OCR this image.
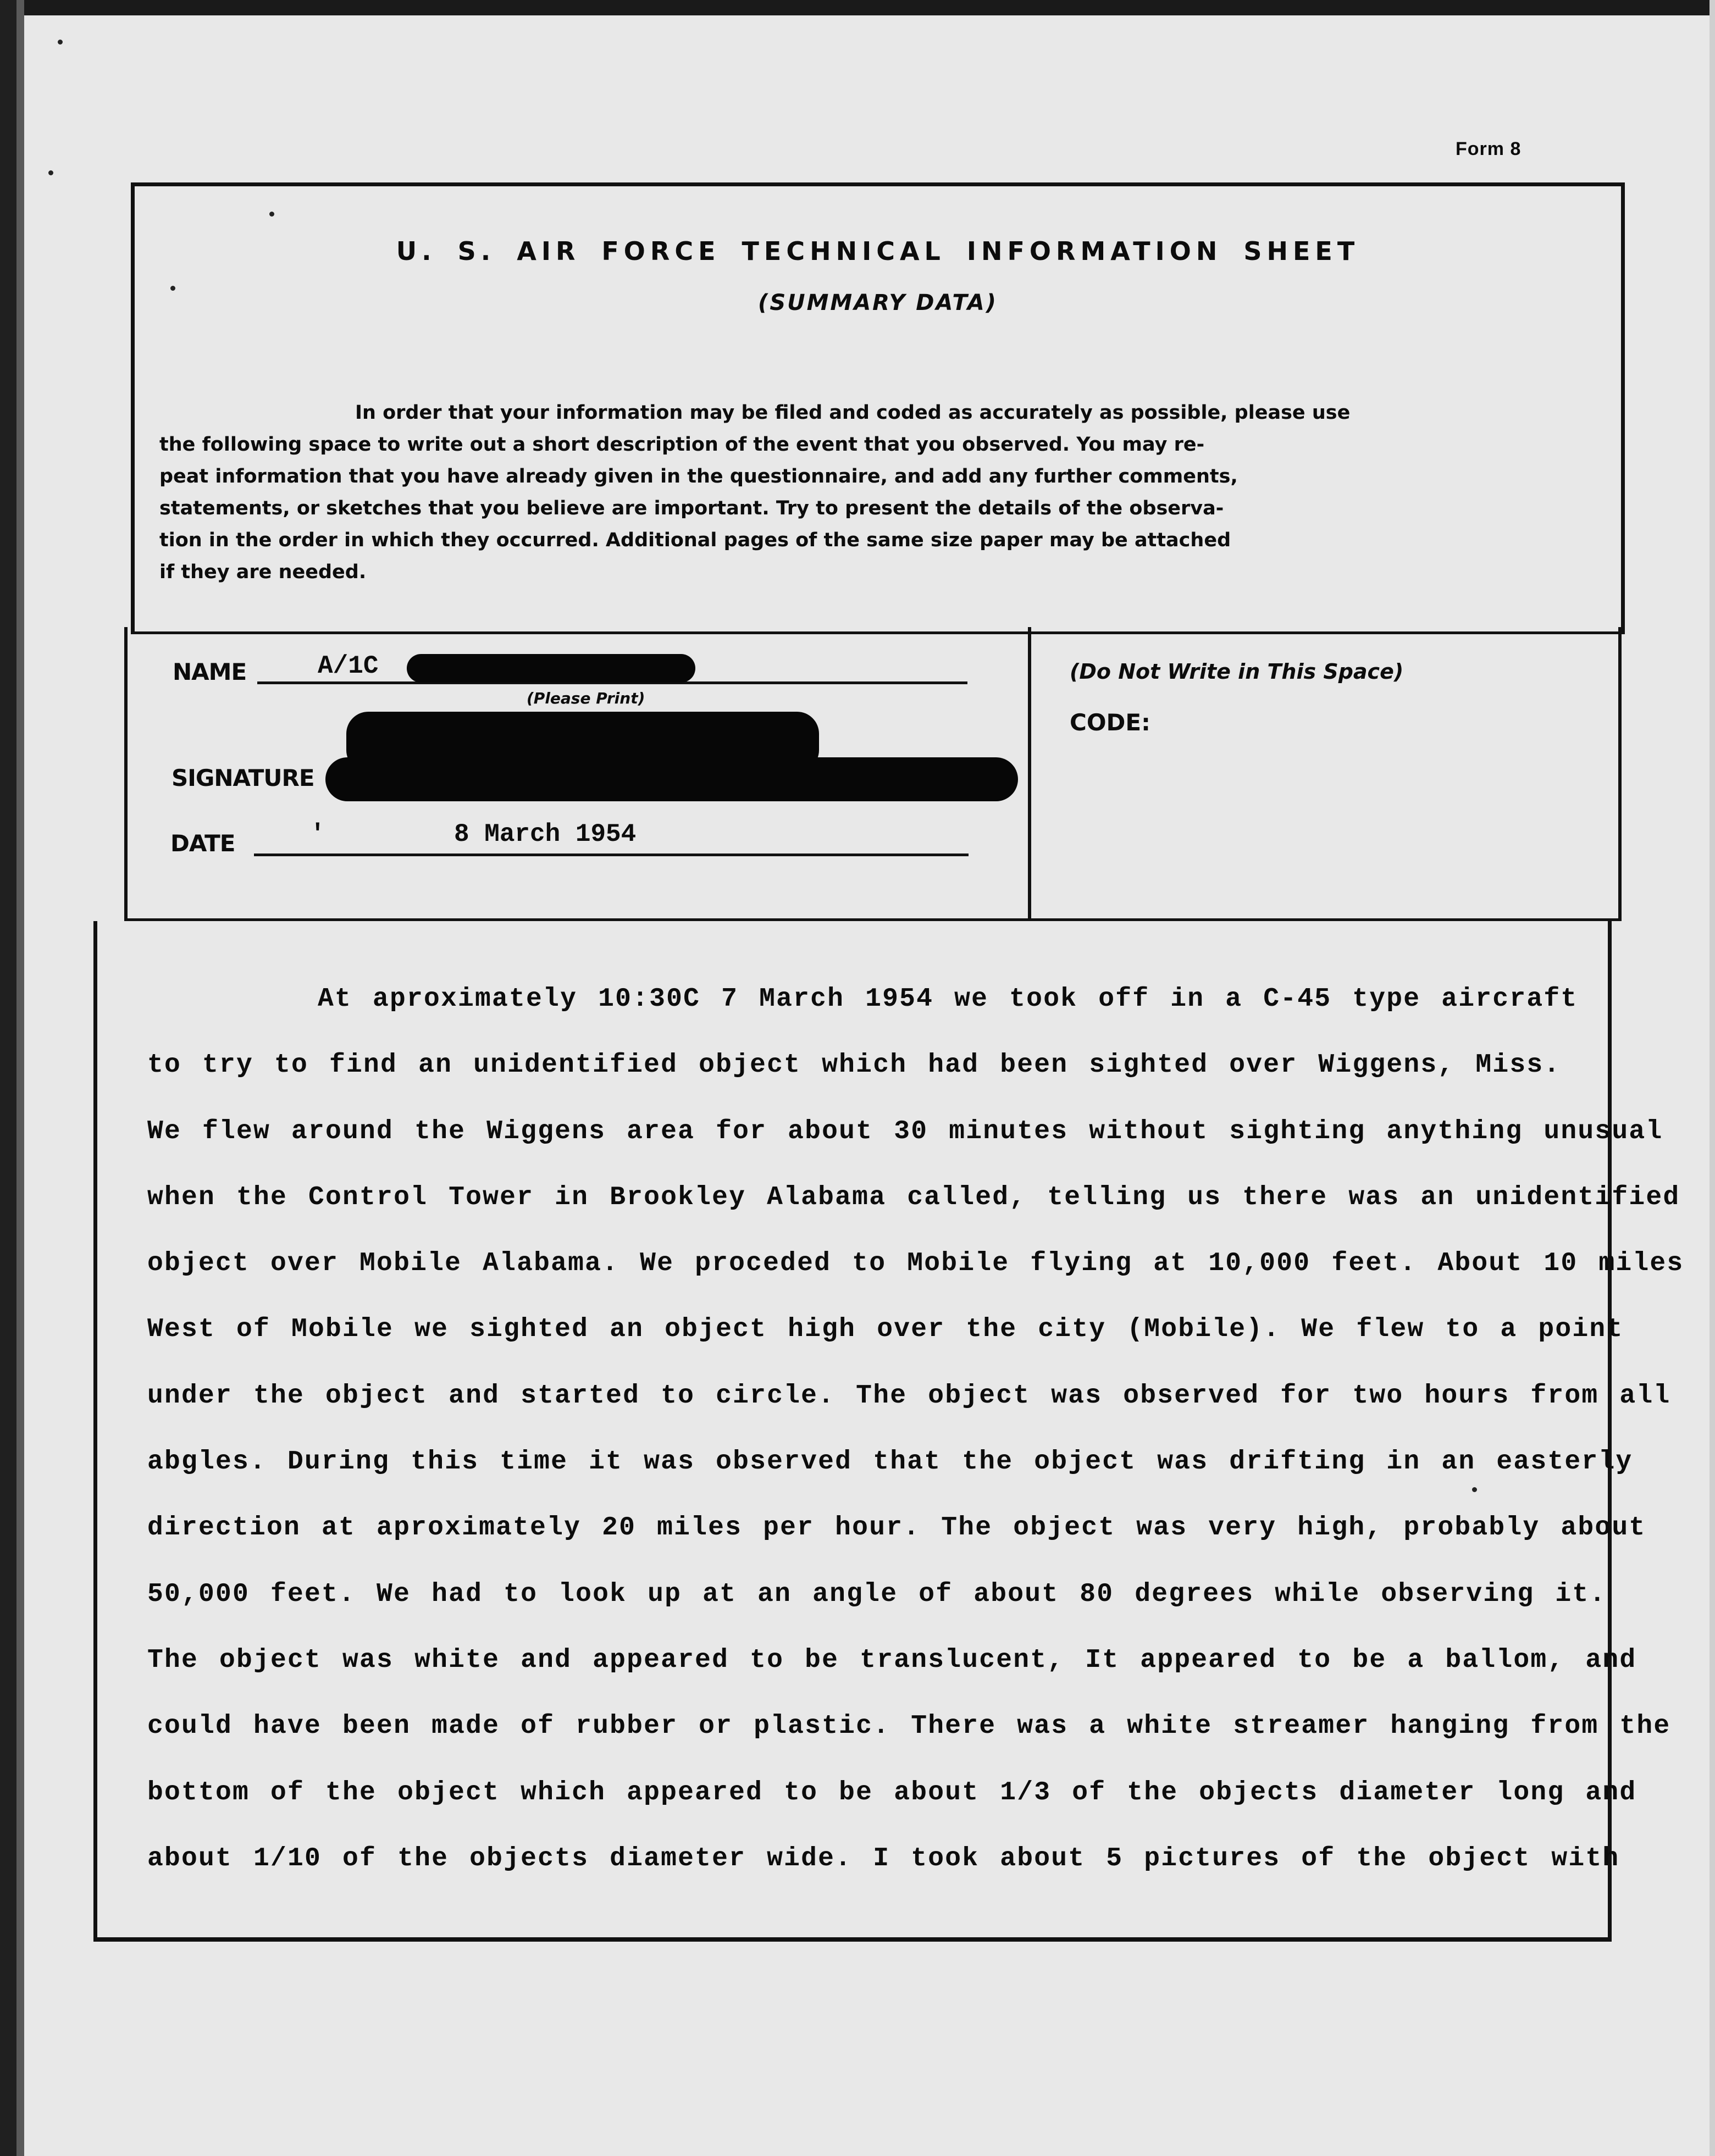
Form 8
U. S. AIR FORCE TECHNICAL INFORMATION SHEET
(SUMMARY DATA)
In order that your information may be filed and coded as accurately as possible, please use
the following space to write out a short description of the event that you observed. You may re-
peat information that you have already given in the questionnaire, and add any further comments,
statements, or sketches that you believe are important. Try to present the details of the observa-
tion in the order in which they occurred. Additional pages of the same size paper may be attached
if they are needed.
NAME	A/1C
(Please Print)
SIGNATURE
DATE	'	8 March 1954
(Do Not Write in This Space)
CODE:
At aproximately 10:30C 7 March 1954 we took off in a C-45 type aircraft
to try to find an unidentified object which had been sighted over Wiggens, Miss.
We flew around the Wiggens area for about 30 minutes without sighting anything unusual
when the Control Tower in Brookley Alabama called, telling us there was an unidentified
object over Mobile Alabama. We proceded to Mobile flying at 10,000 feet. About 10 miles
West of Mobile we sighted an object high over the city (Mobile). We flew to a point
under the object and started to circle. The object was observed for two hours from all
abgles. During this time it was observed that the object was drifting in an easterly
direction at aproximately 20 miles per hour. The object was very high, probably about
50,000 feet. We had to look up at an angle of about 80 degrees while observing it.
The object was white and appeared to be translucent, It appeared to be a ballom, and
could have been made of rubber or plastic. There was a white streamer hanging from the
bottom of the object which appeared to be about 1/3 of the objects diameter long and
about 1/10 of the objects diameter wide. I took about 5 pictures of the object with
